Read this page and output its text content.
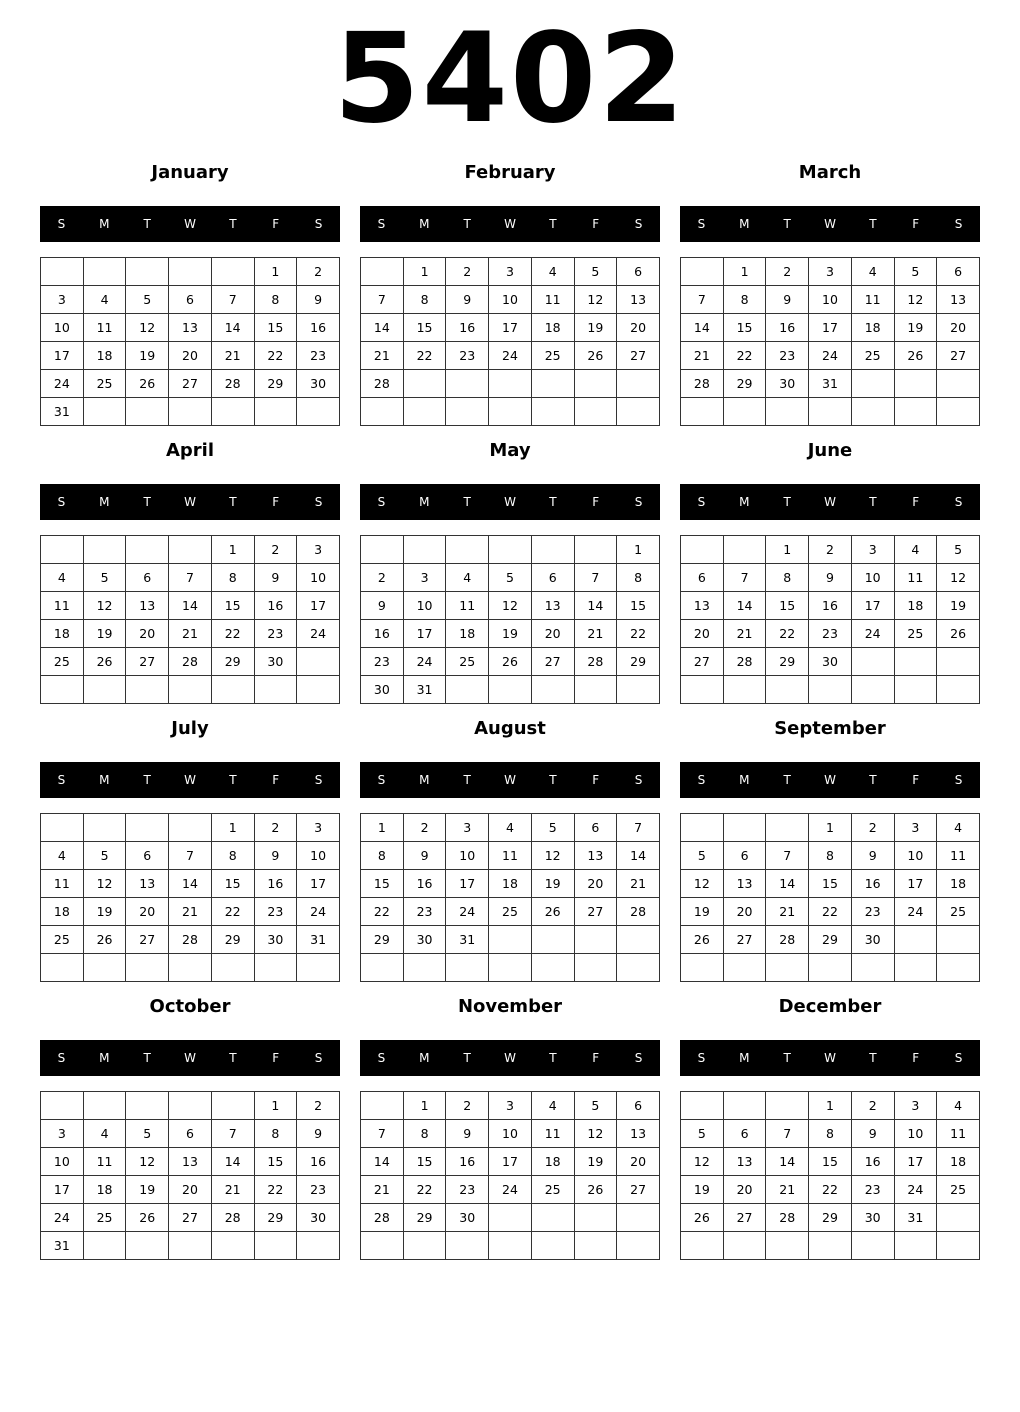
5402
January
S	M	T	W	T	F	S
					1	2
3	4	5	6	7	8	9
10	11	12	13	14	15	16
17	18	19	20	21	22	23
24	25	26	27	28	29	30
31						
February
S	M	T	W	T	F	S
	1	2	3	4	5	6
7	8	9	10	11	12	13
14	15	16	17	18	19	20
21	22	23	24	25	26	27
28						

March
S	M	T	W	T	F	S
	1	2	3	4	5	6
7	8	9	10	11	12	13
14	15	16	17	18	19	20
21	22	23	24	25	26	27
28	29	30	31			

April
S	M	T	W	T	F	S
				1	2	3
4	5	6	7	8	9	10
11	12	13	14	15	16	17
18	19	20	21	22	23	24
25	26	27	28	29	30	

May
S	M	T	W	T	F	S
						1
2	3	4	5	6	7	8
9	10	11	12	13	14	15
16	17	18	19	20	21	22
23	24	25	26	27	28	29
30	31					
June
S	M	T	W	T	F	S
		1	2	3	4	5
6	7	8	9	10	11	12
13	14	15	16	17	18	19
20	21	22	23	24	25	26
27	28	29	30			

July
S	M	T	W	T	F	S
				1	2	3
4	5	6	7	8	9	10
11	12	13	14	15	16	17
18	19	20	21	22	23	24
25	26	27	28	29	30	31

August
S	M	T	W	T	F	S
1	2	3	4	5	6	7
8	9	10	11	12	13	14
15	16	17	18	19	20	21
22	23	24	25	26	27	28
29	30	31				

September
S	M	T	W	T	F	S
			1	2	3	4
5	6	7	8	9	10	11
12	13	14	15	16	17	18
19	20	21	22	23	24	25
26	27	28	29	30		

October
S	M	T	W	T	F	S
					1	2
3	4	5	6	7	8	9
10	11	12	13	14	15	16
17	18	19	20	21	22	23
24	25	26	27	28	29	30
31						
November
S	M	T	W	T	F	S
	1	2	3	4	5	6
7	8	9	10	11	12	13
14	15	16	17	18	19	20
21	22	23	24	25	26	27
28	29	30				

December
S	M	T	W	T	F	S
			1	2	3	4
5	6	7	8	9	10	11
12	13	14	15	16	17	18
19	20	21	22	23	24	25
26	27	28	29	30	31	
